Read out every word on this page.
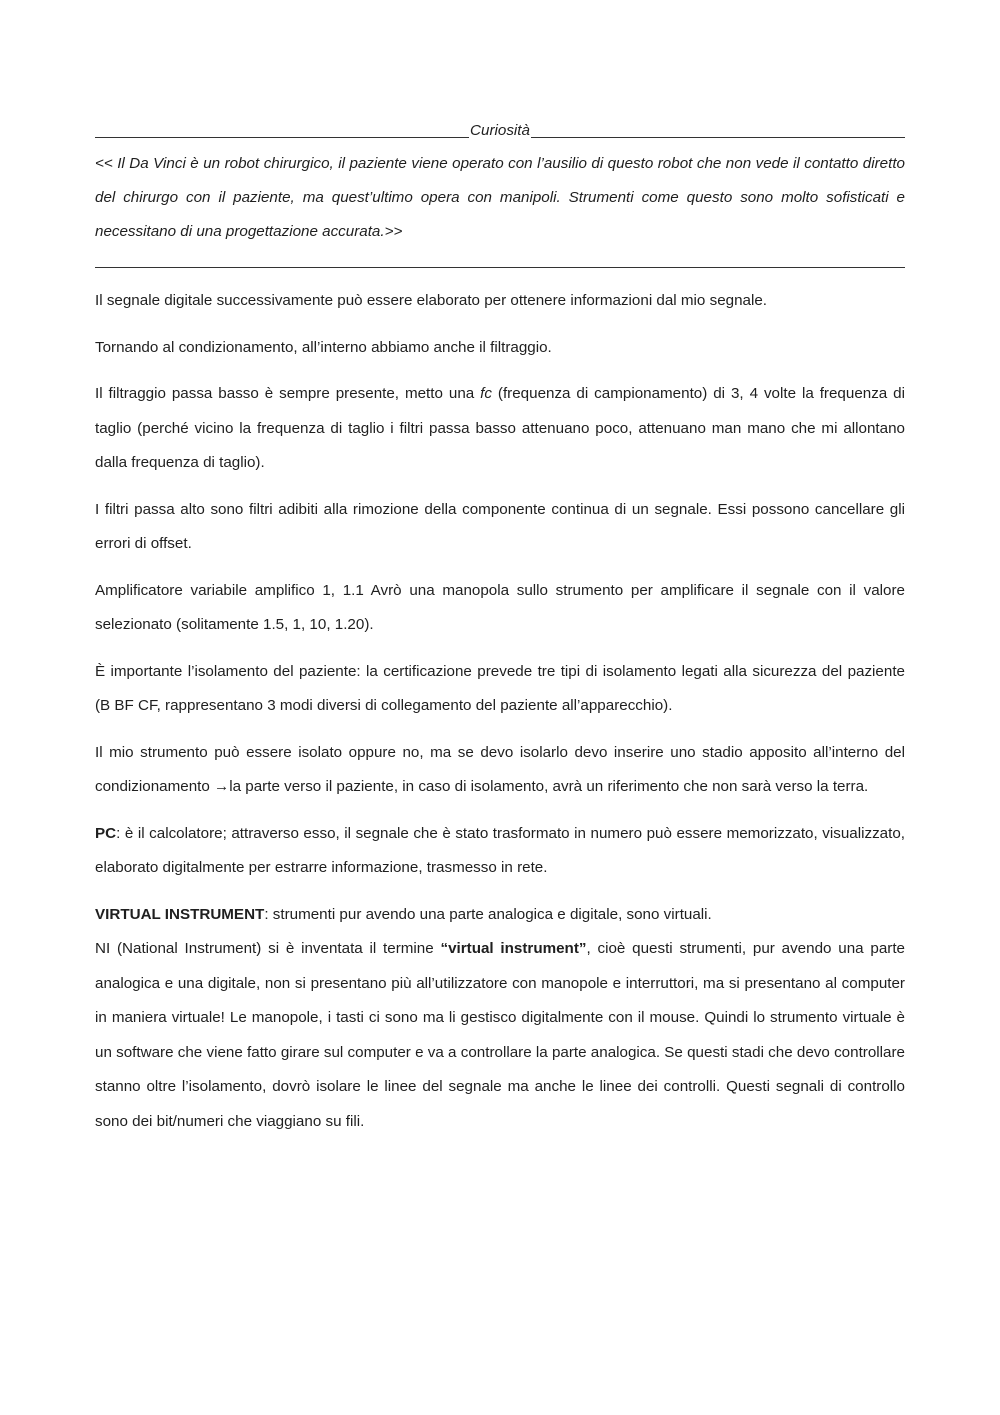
Curiosità

<< Il Da Vinci è un robot chirurgico, il paziente viene operato con l’ausilio di questo robot che non vede il contatto diretto del chirurgo con il paziente, ma quest’ultimo opera con manipoli. Strumenti come questo sono molto sofisticati e necessitano di una progettazione accurata.>>

Il segnale digitale successivamente può essere elaborato per ottenere informazioni dal mio segnale.

Tornando al condizionamento, all’interno abbiamo anche il filtraggio.

Il filtraggio passa basso è sempre presente, metto una fc (frequenza di campionamento) di 3, 4 volte la frequenza di taglio (perché vicino la frequenza di taglio i filtri passa basso attenuano poco, attenuano man mano che mi allontano dalla frequenza di taglio).

I filtri passa alto sono filtri adibiti alla rimozione della componente continua di un segnale. Essi possono cancellare gli errori di offset.

Amplificatore variabile amplifico 1, 1.1 Avrò una manopola sullo strumento per amplificare il segnale con il valore selezionato (solitamente 1.5, 1, 10, 1.20).

È importante l’isolamento del paziente: la certificazione prevede tre tipi di isolamento legati alla sicurezza del paziente (B BF CF, rappresentano 3 modi diversi di collegamento del paziente all’apparecchio).

Il mio strumento può essere isolato oppure no, ma se devo isolarlo devo inserire uno stadio apposito all’interno del condizionamento →la parte verso il paziente, in caso di isolamento, avrà un riferimento che non sarà verso la terra.

PC: è il calcolatore; attraverso esso, il segnale che è stato trasformato in numero può essere memorizzato, visualizzato, elaborato digitalmente per estrarre informazione, trasmesso in rete.

VIRTUAL INSTRUMENT: strumenti pur avendo una parte analogica e digitale, sono virtuali.

NI (National Instrument) si è inventata il termine “virtual instrument”, cioè questi strumenti, pur avendo una parte analogica e una digitale, non si presentano più all’utilizzatore con manopole e interruttori, ma si presentano al computer in maniera virtuale! Le manopole, i tasti ci sono ma li gestisco digitalmente con il mouse. Quindi lo strumento virtuale è un software che viene fatto girare sul computer e va a controllare la parte analogica. Se questi stadi che devo controllare stanno oltre l’isolamento, dovrò isolare le linee del segnale ma anche le linee dei controlli. Questi segnali di controllo sono dei bit/numeri che viaggiano su fili.
